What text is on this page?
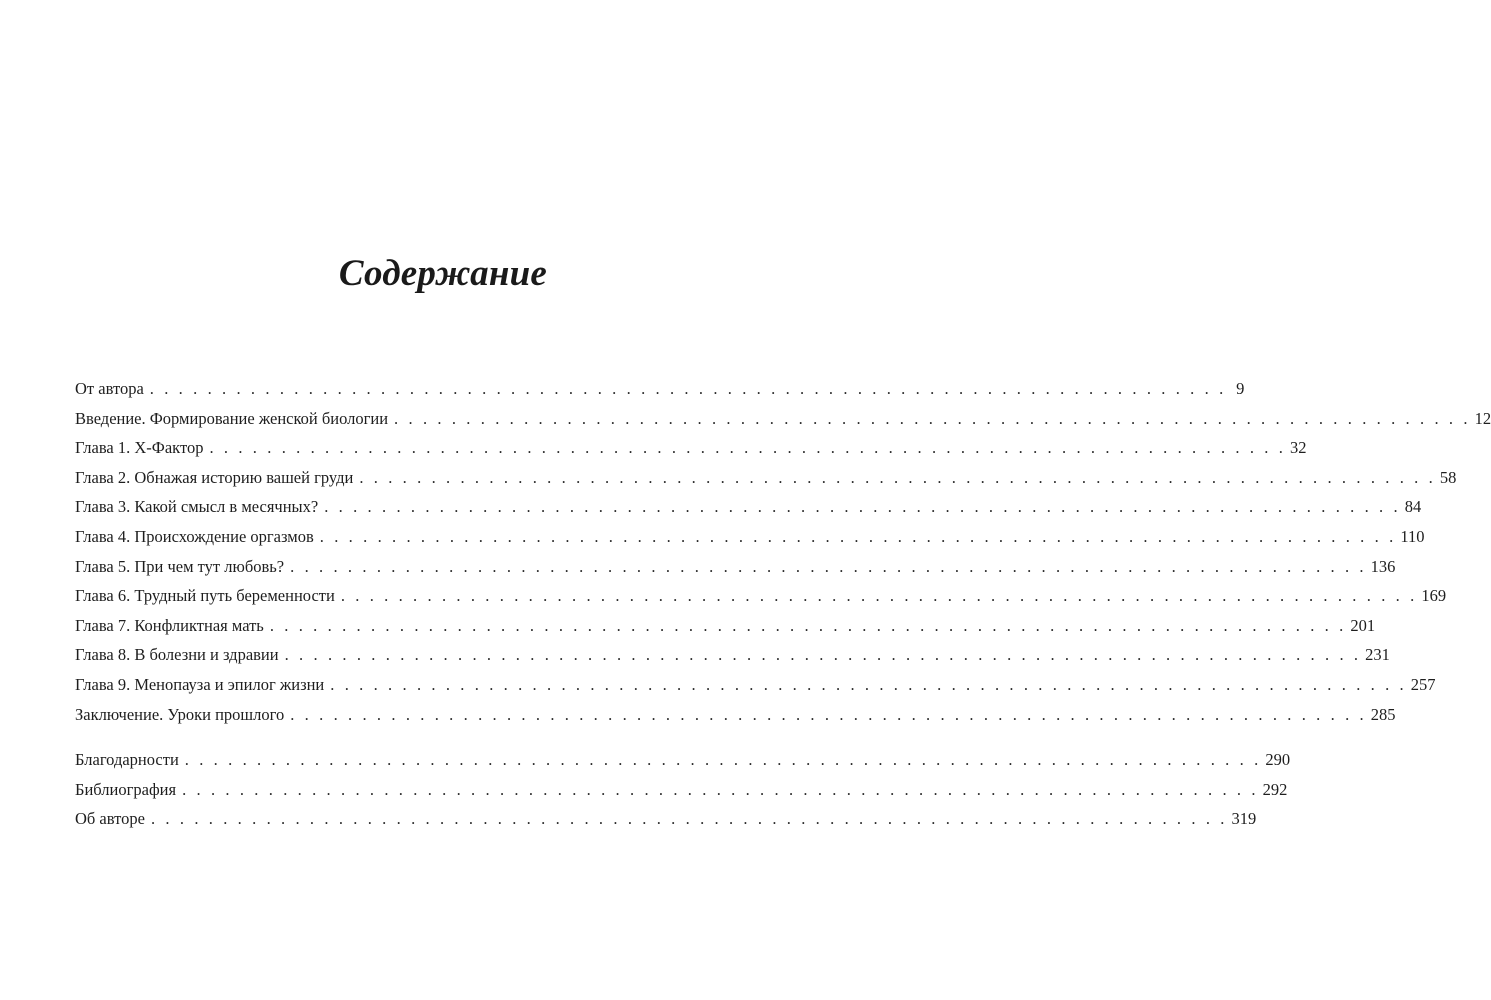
Содержание
От автора . . . . . . . . . . . . . . . . . . . . . . . . . . . . . . . . . . . . . . . . . . . . . . . . . . . . . . . . . . . . . . . . . . . . . . . . . . . 9
Введение. Формирование женской биологии . . . . . . . . . . . . . . . . . . . . . . . . . . . . . . . . . . . . . . . . . . . . . . . . . . . . . . . . . . . . . . . . . . . . . . . . . . . 12
Глава 1. X-Фактор . . . . . . . . . . . . . . . . . . . . . . . . . . . . . . . . . . . . . . . . . . . . . . . . . . . . . . . . . . . . . . . . . . . . . . . . . . . 32
Глава 2. Обнажая историю вашей груди . . . . . . . . . . . . . . . . . . . . . . . . . . . . . . . . . . . . . . . . . . . . . . . . . . . . . . . . . . . . . . . . . . . . . . . . . . . 58
Глава 3. Какой смысл в месячных? . . . . . . . . . . . . . . . . . . . . . . . . . . . . . . . . . . . . . . . . . . . . . . . . . . . . . . . . . . . . . . . . . . . . . . . . . . . 84
Глава 4. Происхождение оргазмов . . . . . . . . . . . . . . . . . . . . . . . . . . . . . . . . . . . . . . . . . . . . . . . . . . . . . . . . . . . . . . . . . . . . . . . . . . . 110
Глава 5. При чем тут любовь? . . . . . . . . . . . . . . . . . . . . . . . . . . . . . . . . . . . . . . . . . . . . . . . . . . . . . . . . . . . . . . . . . . . . . . . . . . . 136
Глава 6. Трудный путь беременности . . . . . . . . . . . . . . . . . . . . . . . . . . . . . . . . . . . . . . . . . . . . . . . . . . . . . . . . . . . . . . . . . . . . . . . . . . . 169
Глава 7. Конфликтная мать . . . . . . . . . . . . . . . . . . . . . . . . . . . . . . . . . . . . . . . . . . . . . . . . . . . . . . . . . . . . . . . . . . . . . . . . . . . 201
Глава 8. В болезни и здравии . . . . . . . . . . . . . . . . . . . . . . . . . . . . . . . . . . . . . . . . . . . . . . . . . . . . . . . . . . . . . . . . . . . . . . . . . . . 231
Глава 9. Менопауза и эпилог жизни . . . . . . . . . . . . . . . . . . . . . . . . . . . . . . . . . . . . . . . . . . . . . . . . . . . . . . . . . . . . . . . . . . . . . . . . . . . 257
Заключение. Уроки прошлого . . . . . . . . . . . . . . . . . . . . . . . . . . . . . . . . . . . . . . . . . . . . . . . . . . . . . . . . . . . . . . . . . . . . . . . . . . . 285
Благодарности . . . . . . . . . . . . . . . . . . . . . . . . . . . . . . . . . . . . . . . . . . . . . . . . . . . . . . . . . . . . . . . . . . . . . . . . . . . 290
Библиография . . . . . . . . . . . . . . . . . . . . . . . . . . . . . . . . . . . . . . . . . . . . . . . . . . . . . . . . . . . . . . . . . . . . . . . . . . . 292
Об авторе . . . . . . . . . . . . . . . . . . . . . . . . . . . . . . . . . . . . . . . . . . . . . . . . . . . . . . . . . . . . . . . . . . . . . . . . . . . 319
